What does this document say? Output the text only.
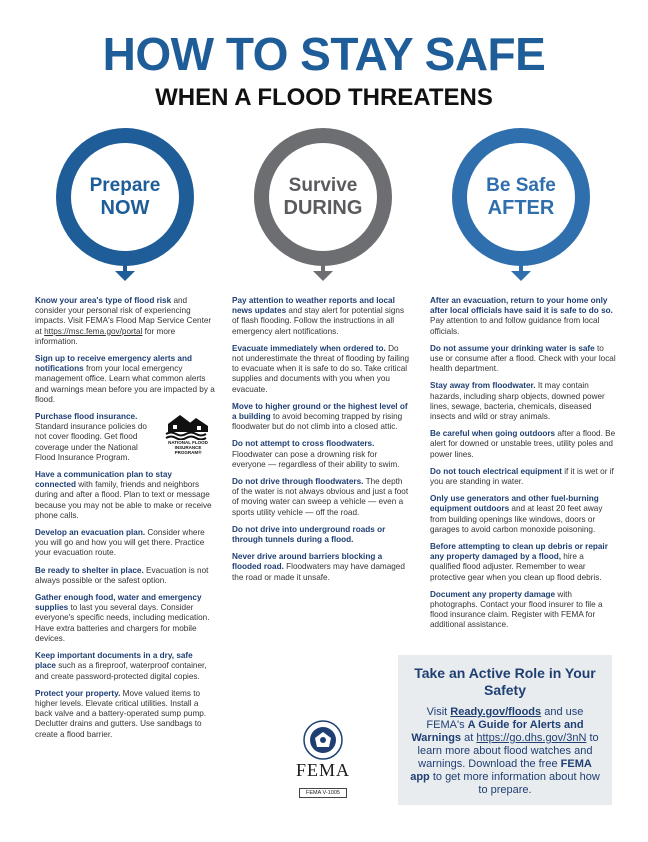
HOW TO STAY SAFE
WHEN A FLOOD THREATENS
Prepare
NOW
Survive
DURING
Be Safe
AFTER
Know your area's type of flood risk and consider your personal risk of experiencing impacts. Visit FEMA's Flood Map Service Center at https://msc.fema.gov/portal for more information.
Sign up to receive emergency alerts and notifications from your local emergency management office. Learn what common alerts and warnings mean before you are impacted by a flood.
NATIONAL FLOOD INSURANCE PROGRAM®
Purchase flood insurance. Standard insurance policies do not cover flooding. Get flood coverage under the National Flood Insurance Program.
Have a communication plan to stay connected with family, friends and neighbors during and after a flood. Plan to text or message because you may not be able to make or receive phone calls.
Develop an evacuation plan. Consider where you will go and how you will get there. Practice your evacuation route.
Be ready to shelter in place. Evacuation is not always possible or the safest option.
Gather enough food, water and emergency supplies to last you several days. Consider everyone's specific needs, including medication. Have extra batteries and chargers for mobile devices.
Keep important documents in a dry, safe place such as a fireproof, waterproof container, and create password-protected digital copies.
Protect your property. Move valued items to higher levels. Elevate critical utilities. Install a back valve and a battery-operated sump pump. Declutter drains and gutters. Use sandbags to create a flood barrier.
Pay attention to weather reports and local news updates and stay alert for potential signs of flash flooding. Follow the instructions in all emergency alert notifications.
Evacuate immediately when ordered to. Do not underestimate the threat of flooding by failing to evacuate when it is safe to do so. Take critical supplies and documents with you when you evacuate.
Move to higher ground or the highest level of a building to avoid becoming trapped by rising floodwater but do not climb into a closed attic.
Do not attempt to cross floodwaters. Floodwater can pose a drowning risk for everyone — regardless of their ability to swim.
Do not drive through floodwaters. The depth of the water is not always obvious and just a foot of moving water can sweep a vehicle — even a sports utility vehicle — off the road.
Do not drive into underground roads or through tunnels during a flood.
Never drive around barriers blocking a flooded road. Floodwaters may have damaged the road or made it unsafe.
After an evacuation, return to your home only after local officials have said it is safe to do so. Pay attention to and follow guidance from local officials.
Do not assume your drinking water is safe to use or consume after a flood. Check with your local health department.
Stay away from floodwater. It may contain hazards, including sharp objects, downed power lines, sewage, bacteria, chemicals, diseased insects and wild or stray animals.
Be careful when going outdoors after a flood. Be alert for downed or unstable trees, utility poles and power lines.
Do not touch electrical equipment if it is wet or if you are standing in water.
Only use generators and other fuel-burning equipment outdoors and at least 20 feet away from building openings like windows, doors or garages to avoid carbon monoxide poisoning.
Before attempting to clean up debris or repair any property damaged by a flood, hire a qualified flood adjuster. Remember to wear protective gear when you clean up flood debris.
Document any property damage with photographs. Contact your flood insurer to file a flood insurance claim. Register with FEMA for additional assistance.
Take an Active Role in Your Safety
Visit Ready.gov/floods and use FEMA's A Guide for Alerts and Warnings at https://go.dhs.gov/3nN to learn more about flood watches and warnings. Download the free FEMA app to get more information about how to prepare.
FEMA
FEMA V-1005
